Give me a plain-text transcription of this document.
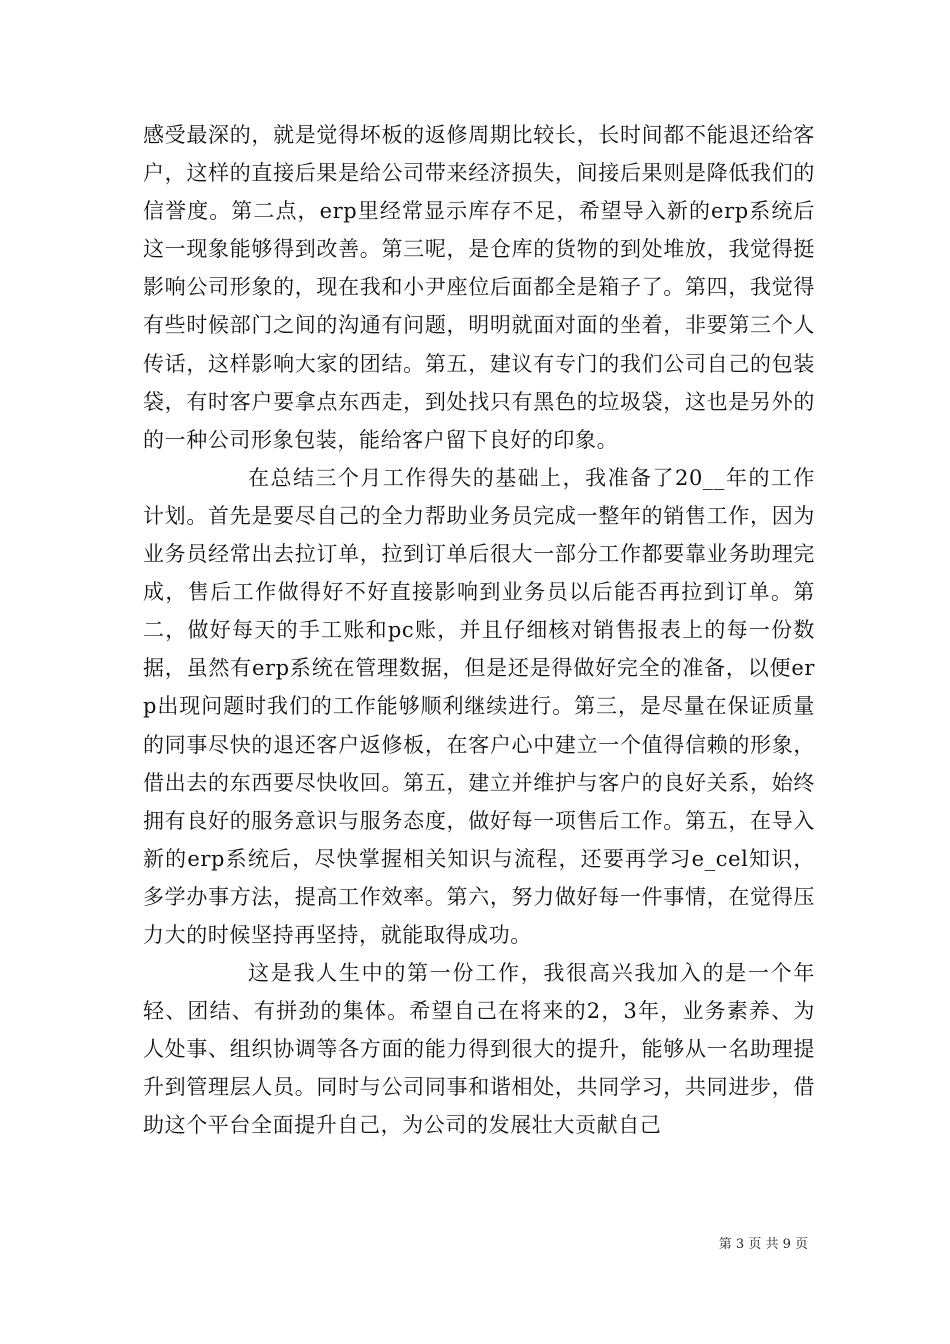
感受最深的，就是觉得坏板的返修周期比较长，长时间都不能退还给客户，这样的直接后果是给公司带来经济损失，间接后果则是降低我们的信誉度。第二点，erp里经常显示库存不足，希望导入新的erp系统后这一现象能够得到改善。第三呢，是仓库的货物的到处堆放，我觉得挺影响公司形象的，现在我和小尹座位后面都全是箱子了。第四，我觉得有些时候部门之间的沟通有问题，明明就面对面的坐着，非要第三个人传话，这样影响大家的团结。第五，建议有专门的我们公司自己的包装袋，有时客户要拿点东西走，到处找只有黑色的垃圾袋，这也是另外的的一种公司形象包装，能给客户留下良好的印象。

在总结三个月工作得失的基础上，我准备了20__年的工作计划。首先是要尽自己的全力帮助业务员完成一整年的销售工作，因为业务员经常出去拉订单，拉到订单后很大一部分工作都要靠业务助理完成，售后工作做得好不好直接影响到业务员以后能否再拉到订单。第二，做好每天的手工账和pc账，并且仔细核对销售报表上的每一份数据，虽然有erp系统在管理数据，但是还是得做好完全的准备，以便erp出现问题时我们的工作能够顺利继续进行。第三，是尽量在保证质量的同事尽快的退还客户返修板，在客户心中建立一个值得信赖的形象，借出去的东西要尽快收回。第五，建立并维护与客户的良好关系，始终拥有良好的服务意识与服务态度，做好每一项售后工作。第五，在导入新的erp系统后，尽快掌握相关知识与流程，还要再学习e_cel知识，多学办事方法，提高工作效率。第六，努力做好每一件事情，在觉得压力大的时候坚持再坚持，就能取得成功。

这是我人生中的第一份工作，我很高兴我加入的是一个年轻、团结、有拼劲的集体。希望自己在将来的2，3年，业务素养、为人处事、组织协调等各方面的能力得到很大的提升，能够从一名助理提升到管理层人员。同时与公司同事和谐相处，共同学习，共同进步，借助这个平台全面提升自己，为公司的发展壮大贡献自己

第 3 页 共 9 页
